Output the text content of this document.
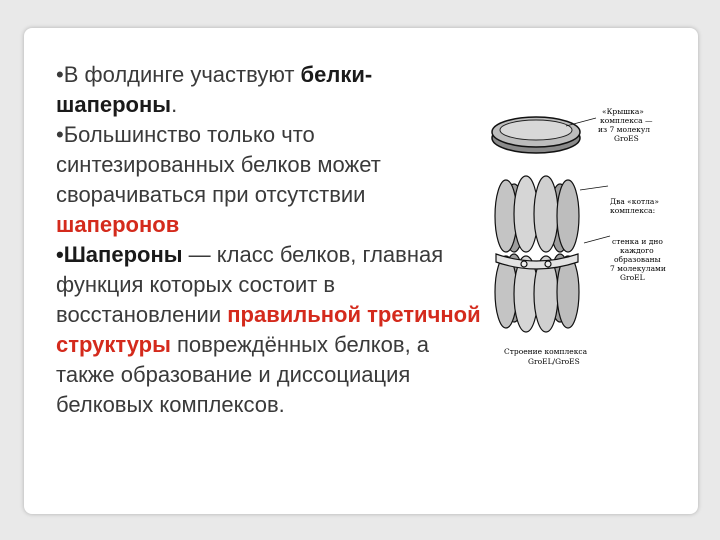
•В фолдинге участвуют белки-шапероны.

•Большинство только что синтезированных белков может сворачиваться при отсутствии шаперонов

•Шапероны — класс белков, главная функция которых состоит в восстановлении правильной третичной структуры повреждённых белков, а также образование и диссоциация белковых комплексов.

«Крышка»
комплекса —
из 7 молекул
GroES
Два «котла»
комплекса:
стенка и дно
каждого
образованы
7 молекулами
GroEL
Строение комплекса
GroEL/GroES
